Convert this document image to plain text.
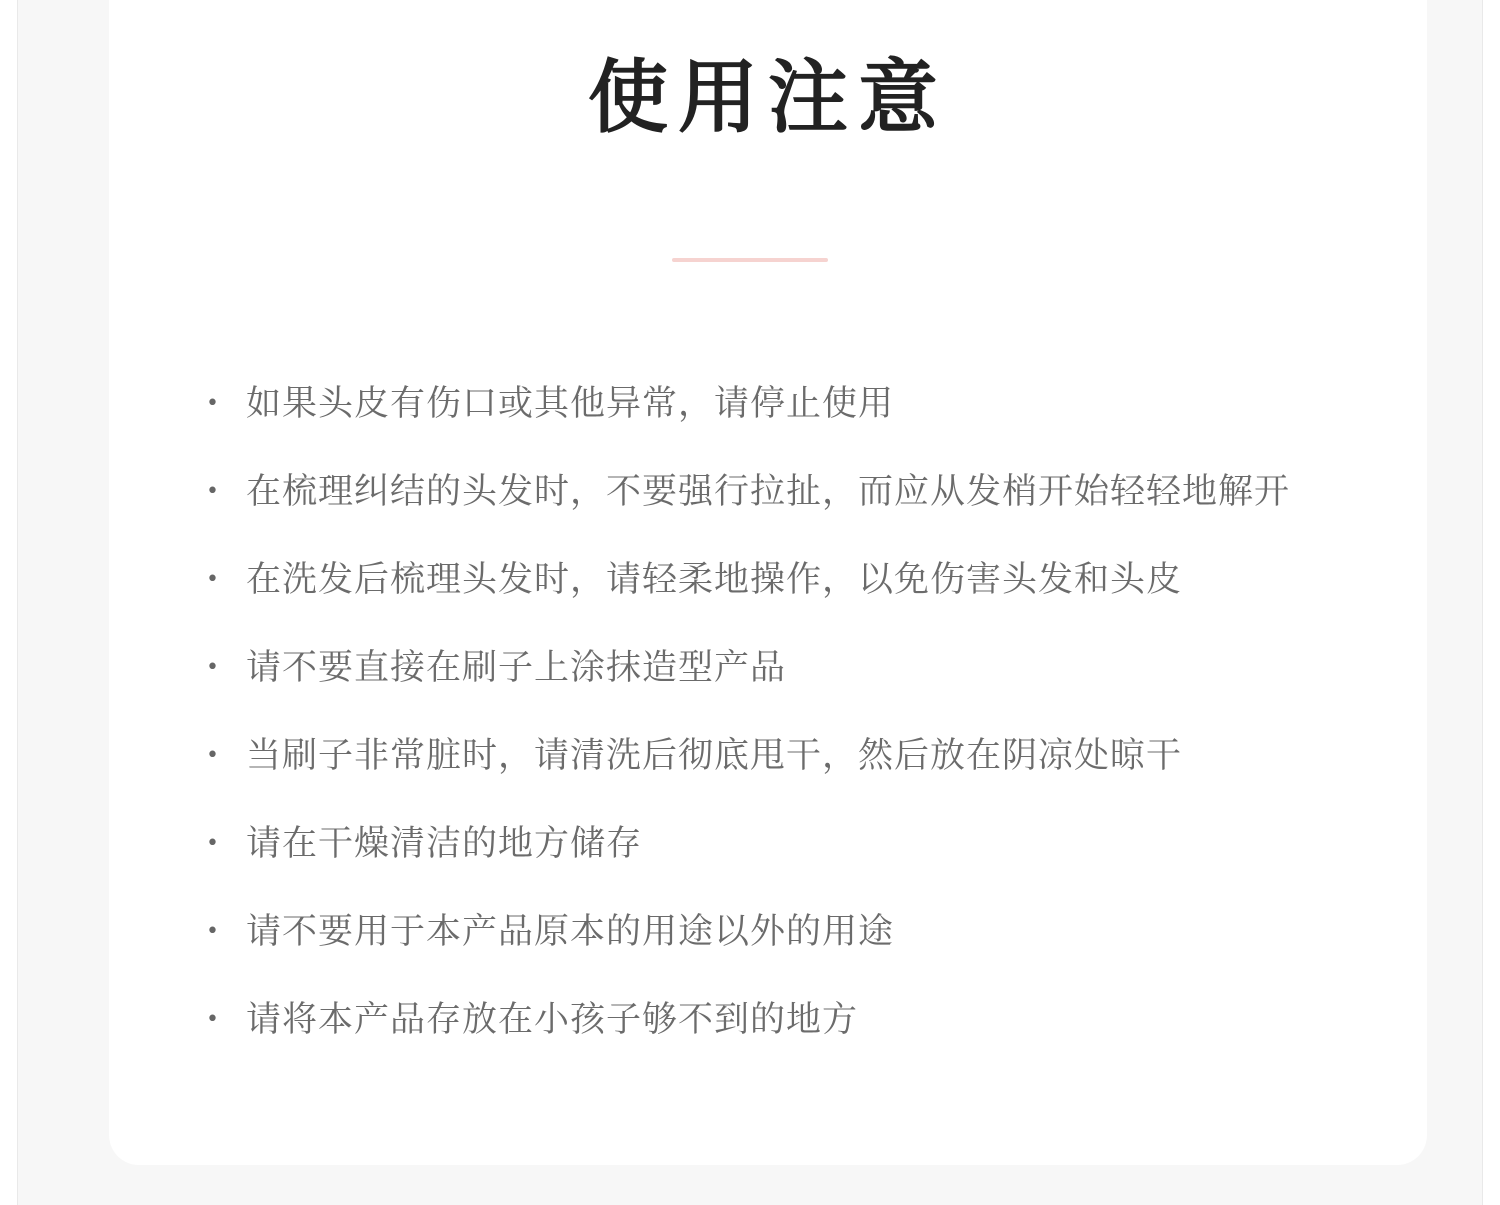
使用注意
• 如果头皮有伤口或其他异常，请停止使用
• 在梳理纠结的头发时，不要强行拉扯，而应从发梢开始轻轻地解开
• 在洗发后梳理头发时，请轻柔地操作，以免伤害头发和头皮
• 请不要直接在刷子上涂抹造型产品
• 当刷子非常脏时，请清洗后彻底甩干，然后放在阴凉处晾干
• 请在干燥清洁的地方储存
• 请不要用于本产品原本的用途以外的用途
• 请将本产品存放在小孩子够不到的地方
